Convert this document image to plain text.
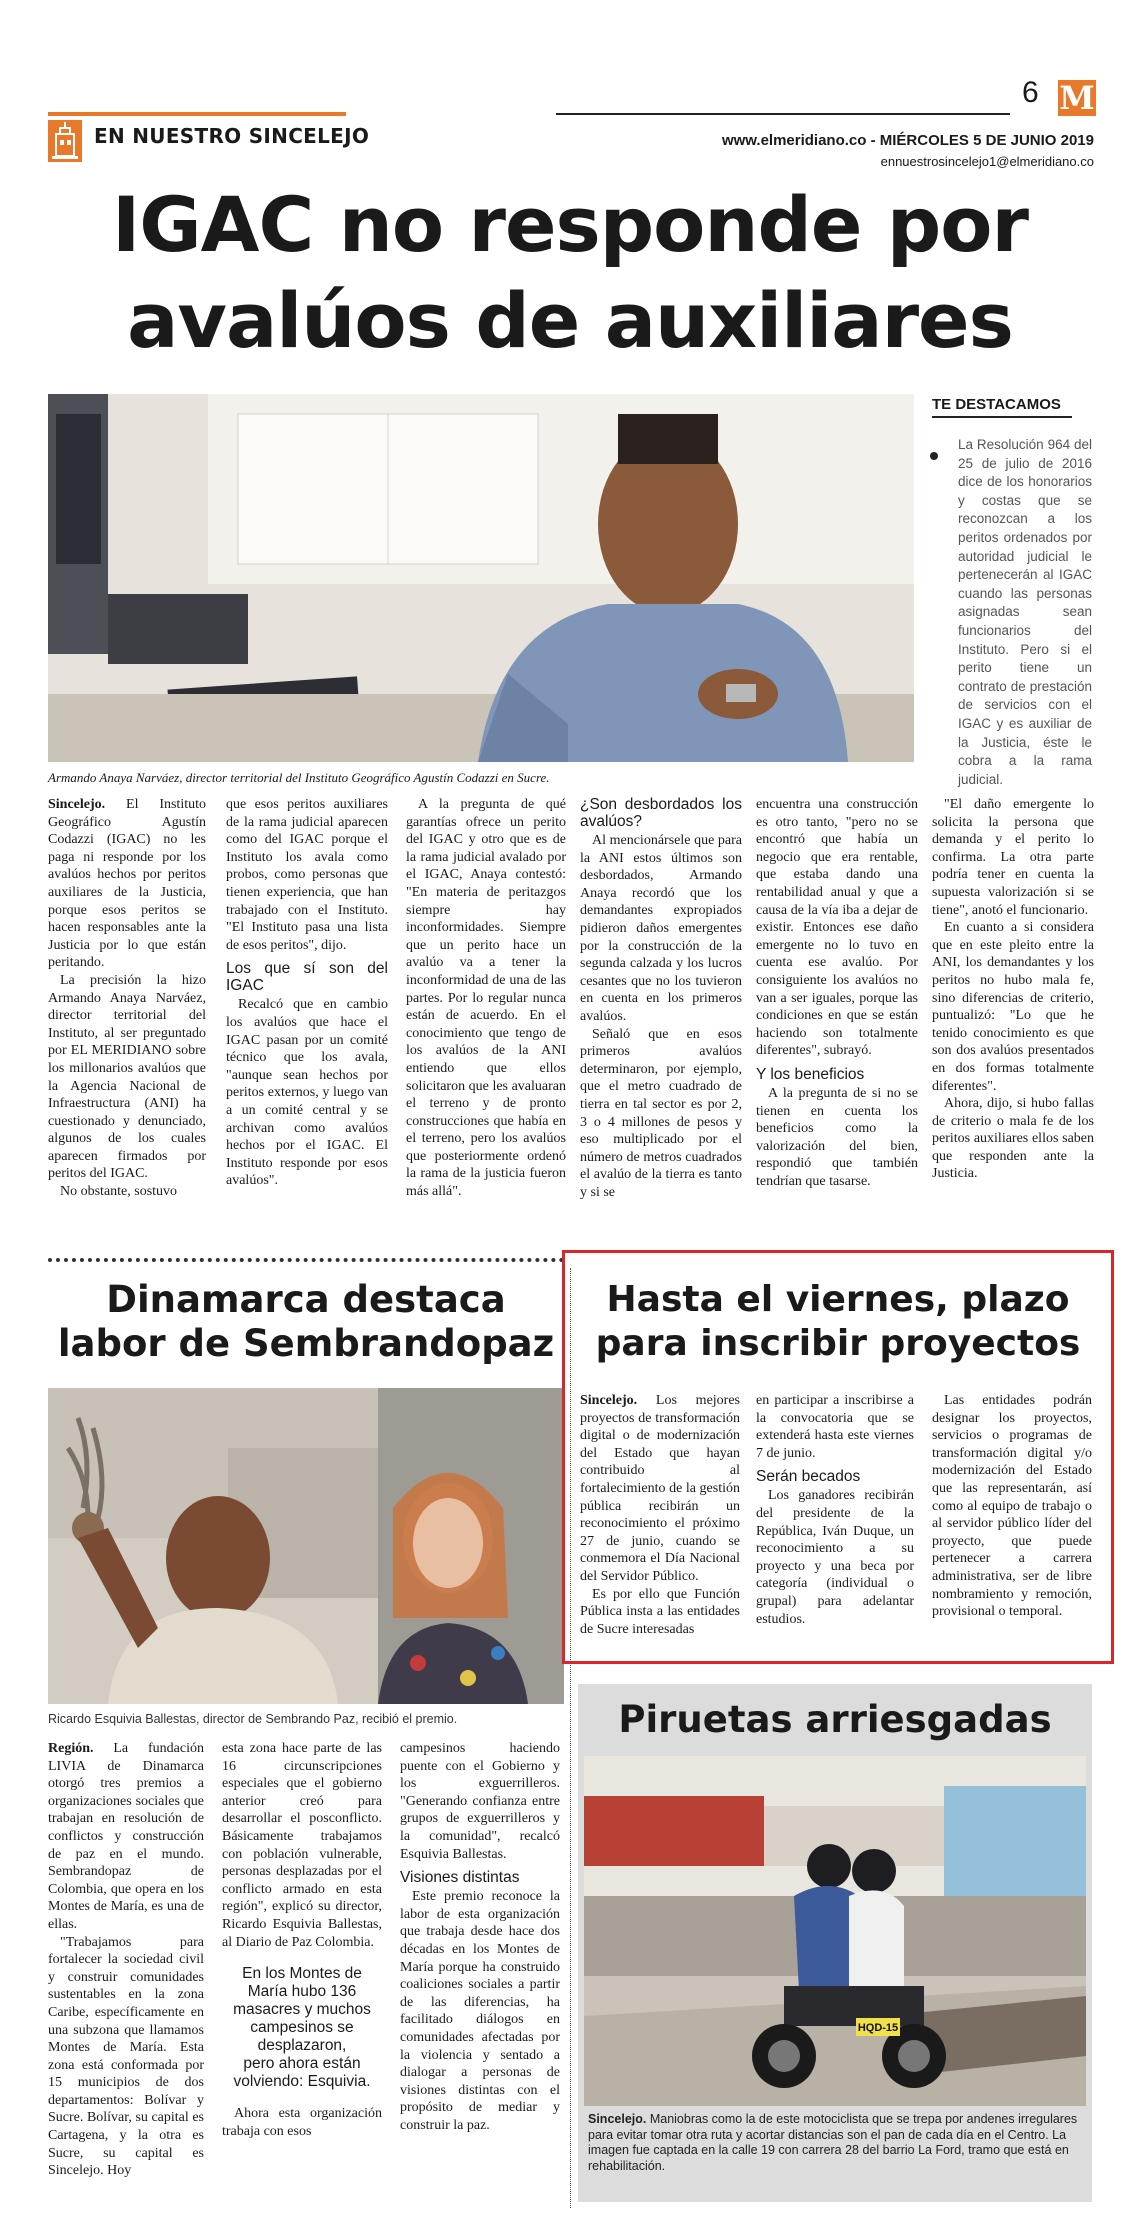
EN NUESTRO SINCELEJO
6 M
www.elmeridiano.co - MIÉRCOLES 5 DE JUNIO 2019
ennuestrosincelejo1@elmeridiano.co
IGAC no responde por
avalúos de auxiliares
Armando Anaya Narváez, director territorial del Instituto Geográfico Agustín Codazzi en Sucre.
TE DESTACAMOS
La Resolución 964 del 25 de julio de 2016 dice de los honorarios y costas que se reconozcan a los peritos ordenados por autoridad judicial le pertenecerán al IGAC cuando las personas asignadas sean funcionarios del Instituto. Pero si el perito tiene un contrato de prestación de servicios con el IGAC y es auxiliar de la Justicia, éste le cobra a la rama judicial.

Sincelejo. El Instituto Geográfico Agustín Codazzi (IGAC) no les paga ni responde por los avalúos hechos por peritos auxiliares de la Justicia, porque esos peritos se hacen responsables ante la Justicia por lo que están peritando.

La precisión la hizo Armando Anaya Narváez, director territorial del Instituto, al ser preguntado por EL MERIDIANO sobre los millonarios avalúos que la Agencia Nacional de Infraestructura (ANI) ha cuestionado y denunciado, algunos de los cuales aparecen firmados por peritos del IGAC.

No obstante, sostuvo

que esos peritos auxiliares de la rama judicial aparecen como del IGAC porque el Instituto los avala como probos, como personas que tienen experiencia, que han trabajado con el Instituto. "El Instituto pasa una lista de esos peritos", dijo.

Los que sí son del IGAC

Recalcó que en cambio los avalúos que hace el IGAC pasan por un comité técnico que los avala, "aunque sean hechos por peritos externos, y luego van a un comité central y se archivan como avalúos hechos por el IGAC. El Instituto responde por esos avalúos".

A la pregunta de qué garantías ofrece un perito del IGAC y otro que es de la rama judicial avalado por el IGAC, Anaya contestó: "En materia de peritazgos siempre hay inconformidades. Siempre que un perito hace un avalúo va a tener la inconformidad de una de las partes. Por lo regular nunca están de acuerdo. En el conocimiento que tengo de los avalúos de la ANI entiendo que ellos solicitaron que les avaluaran el terreno y de pronto construcciones que había en el terreno, pero los avalúos que posteriormente ordenó la rama de la justicia fueron más allá".

¿Son desbordados los avalúos?

Al mencionársele que para la ANI estos últimos son desbordados, Armando Anaya recordó que los demandantes expropiados pidieron daños emergentes por la construcción de la segunda calzada y los lucros cesantes que no los tuvieron en cuenta en los primeros avalúos.

Señaló que en esos primeros avalúos determinaron, por ejemplo, que el metro cuadrado de tierra en tal sector es por 2, 3 o 4 millones de pesos y eso multiplicado por el número de metros cuadrados el avalúo de la tierra es tanto y si se

encuentra una construcción es otro tanto, "pero no se encontró que había un negocio que era rentable, que estaba dando una rentabilidad anual y que a causa de la vía iba a dejar de existir. Entonces ese daño emergente no lo tuvo en cuenta ese avalúo. Por consiguiente los avalúos no van a ser iguales, porque las condiciones en que se están haciendo son totalmente diferentes", subrayó.

Y los beneficios

A la pregunta de si no se tienen en cuenta los beneficios como la valorización del bien, respondió que también tendrían que tasarse.

"El daño emergente lo solicita la persona que demanda y el perito lo confirma. La otra parte podría tener en cuenta la supuesta valorización si se tiene", anotó el funcionario.

En cuanto a si considera que en este pleito entre la ANI, los demandantes y los peritos no hubo mala fe, sino diferencias de criterio, puntualizó: "Lo que he tenido conocimiento es que son dos avalúos presentados en dos formas totalmente diferentes".

Ahora, dijo, si hubo fallas de criterio o mala fe de los peritos auxiliares ellos saben que responden ante la Justicia.

Dinamarca destaca
labor de Sembrandopaz
Ricardo Esquivia Ballestas, director de Sembrando Paz, recibió el premio.

Región. La fundación LIVIA de Dinamarca otorgó tres premios a organizaciones sociales que trabajan en resolución de conflictos y construcción de paz en el mundo. Sembrandopaz de Colombia, que opera en los Montes de María, es una de ellas.

"Trabajamos para fortalecer la sociedad civil y construir comunidades sustentables en la zona Caribe, específicamente en una subzona que llamamos Montes de María. Esta zona está conformada por 15 municipios de dos departamentos: Bolívar y Sucre. Bolívar, su capital es Cartagena, y la otra es Sucre, su capital es Sincelejo. Hoy

esta zona hace parte de las 16 circunscripciones especiales que el gobierno anterior creó para desarrollar el posconflicto. Básicamente trabajamos con población vulnerable, personas desplazadas por el conflicto armado en esta región", explicó su director, Ricardo Esquivia Ballestas, al Diario de Paz Colombia.

En los Montes de
María hubo 136
masacres y muchos
campesinos se
desplazaron,
pero ahora están
volviendo: Esquivia.

Ahora esta organización trabaja con esos

campesinos haciendo puente con el Gobierno y los exguerrilleros. "Generando confianza entre grupos de exguerrilleros y la comunidad", recalcó Esquivia Ballestas.

Visiones distintas

Este premio reconoce la labor de esta organización que trabaja desde hace dos décadas en los Montes de María porque ha construido coaliciones sociales a partir de las diferencias, ha facilitado diálogos en comunidades afectadas por la violencia y sentado a dialogar a personas de visiones distintas con el propósito de mediar y construir la paz.

Hasta el viernes, plazo
para inscribir proyectos

Sincelejo. Los mejores proyectos de transformación digital o de modernización del Estado que hayan contribuido al fortalecimiento de la gestión pública recibirán un reconocimiento el próximo 27 de junio, cuando se conmemora el Día Nacional del Servidor Público.

Es por ello que Función Pública insta a las entidades de Sucre interesadas

en participar a inscribirse a la convocatoria que se extenderá hasta este viernes 7 de junio.

Serán becados

Los ganadores recibirán del presidente de la República, Iván Duque, un reconocimiento a su proyecto y una beca por categoría (individual o grupal) para adelantar estudios.

Las entidades podrán designar los proyectos, servicios o programas de transformación digital y/o modernización del Estado que las representarán, así como al equipo de trabajo o al servidor público líder del proyecto, que puede pertenecer a carrera administrativa, ser de libre nombramiento y remoción, provisional o temporal.

Piruetas arriesgadas
HQD-15
Sincelejo. Maniobras como la de este motociclista que se trepa por andenes irregulares para evitar tomar otra ruta y acortar distancias son el pan de cada día en el Centro. La imagen fue captada en la calle 19 con carrera 28 del barrio La Ford, tramo que está en rehabilitación.
